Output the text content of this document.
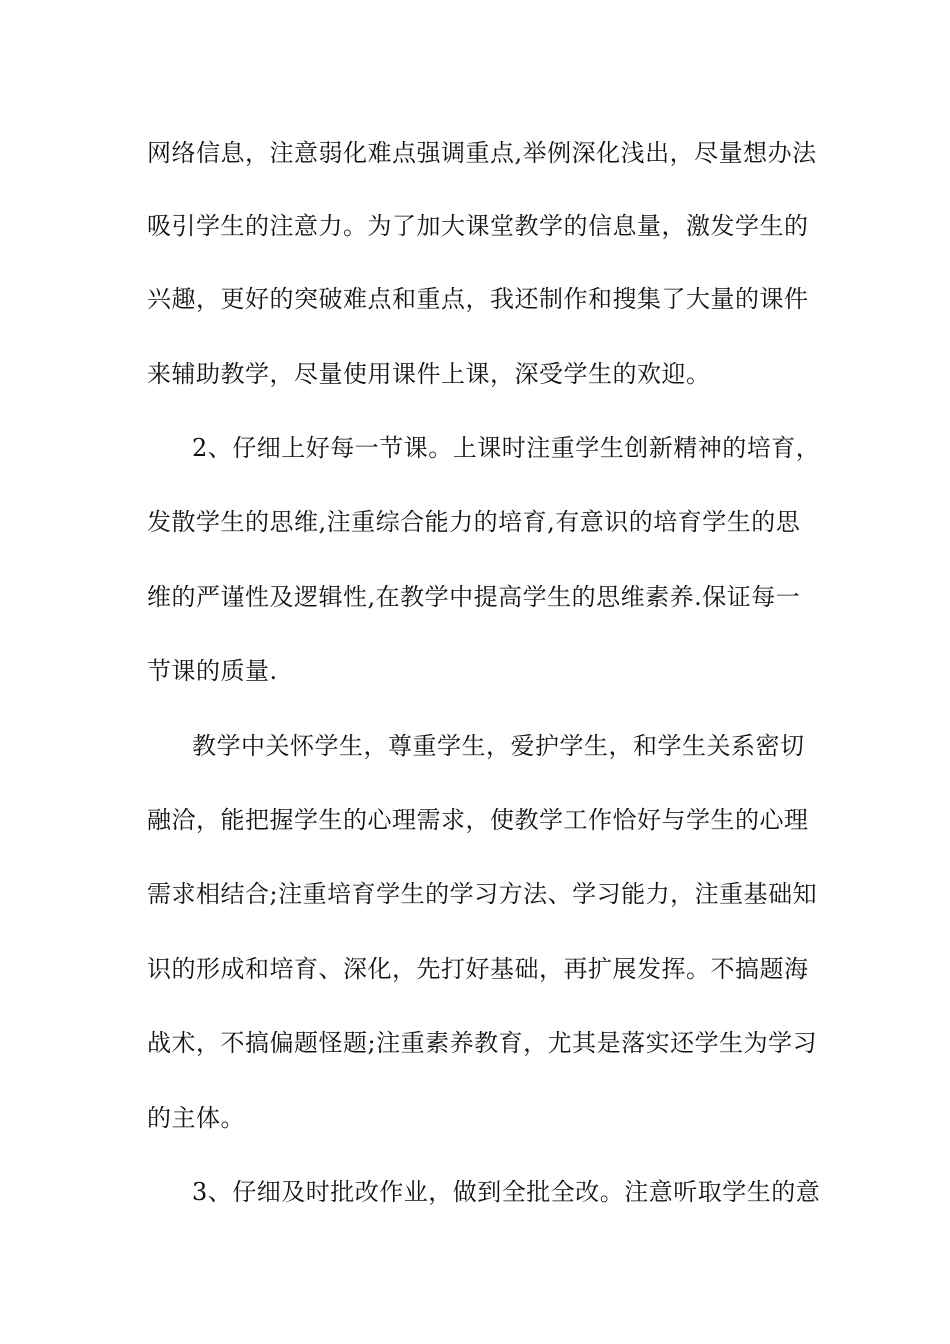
网络信息，注意弱化难点强调重点,举例深化浅出，尽量想办法
吸引学生的注意力。为了加大课堂教学的信息量，激发学生的
兴趣，更好的突破难点和重点，我还制作和搜集了大量的课件
来辅助教学，尽量使用课件上课，深受学生的欢迎。
2、仔细上好每一节课。上课时注重学生创新精神的培育，
发散学生的思维,注重综合能力的培育,有意识的培育学生的思
维的严谨性及逻辑性,在教学中提高学生的思维素养.保证每一
节课的质量.
教学中关怀学生，尊重学生，爱护学生，和学生关系密切
融洽，能把握学生的心理需求，使教学工作恰好与学生的心理
需求相结合;注重培育学生的学习方法、学习能力，注重基础知
识的形成和培育、深化，先打好基础，再扩展发挥。不搞题海
战术，不搞偏题怪题;注重素养教育，尤其是落实还学生为学习
的主体。
3、仔细及时批改作业，做到全批全改。注意听取学生的意
